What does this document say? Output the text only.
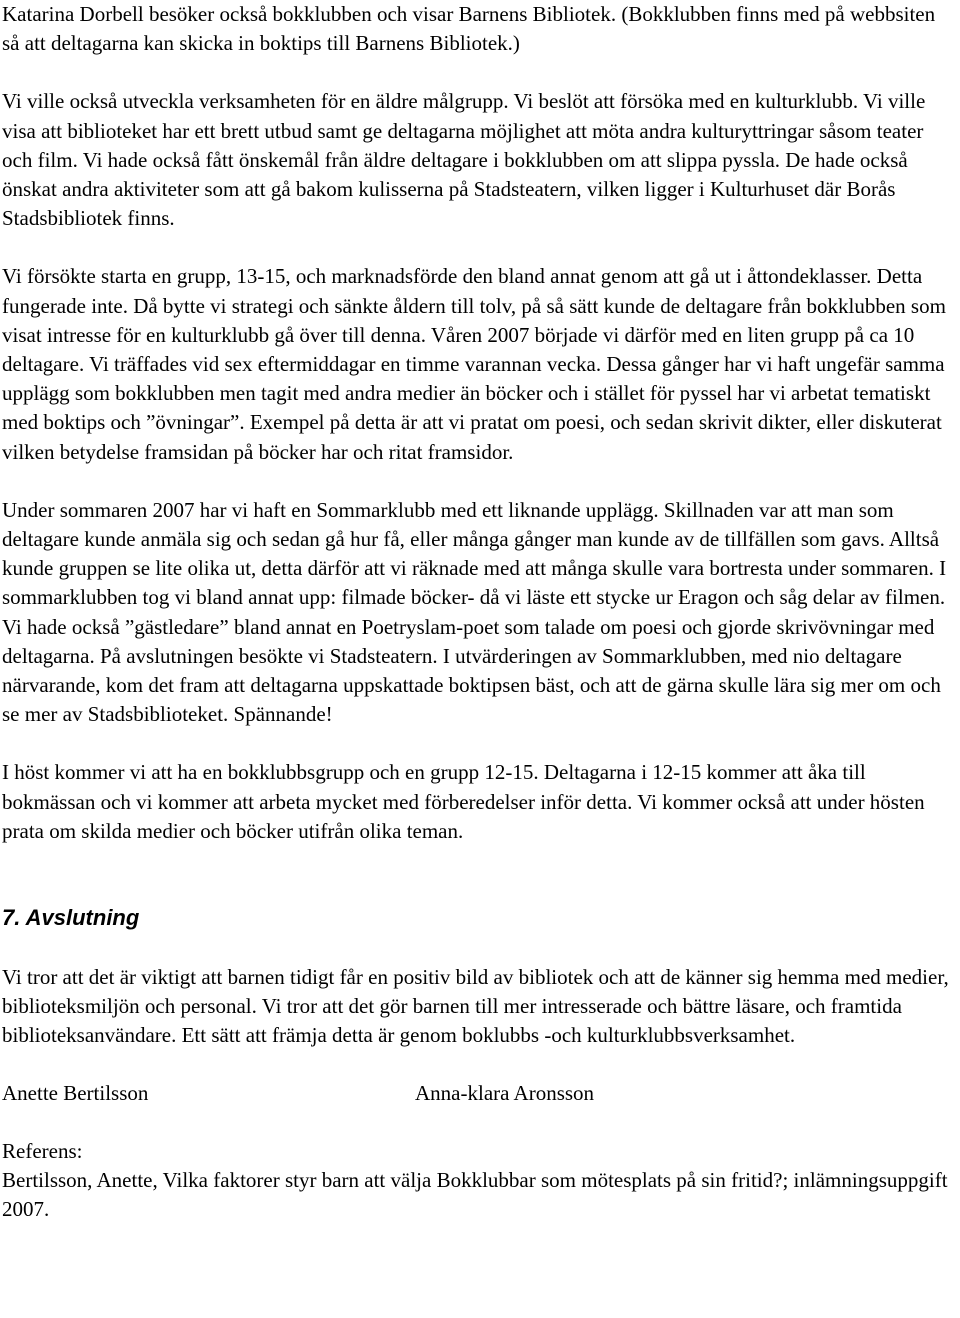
Katarina Dorbell besöker också bokklubben och visar Barnens Bibliotek. (Bokklubben finns med på webbsiten så att deltagarna kan skicka in boktips till Barnens Bibliotek.)

Vi ville också utveckla verksamheten för en äldre målgrupp. Vi beslöt att försöka med en kulturklubb. Vi ville visa att biblioteket har ett brett utbud samt ge deltagarna möjlighet att möta andra kulturyttringar såsom teater och film. Vi hade också fått önskemål från äldre deltagare i bokklubben om att slippa pyssla. De hade också önskat andra aktiviteter som att gå bakom kulisserna på Stadsteatern, vilken ligger i Kulturhuset där Borås Stadsbibliotek finns.

Vi försökte starta en grupp, 13-15, och marknadsförde den bland annat genom att gå ut i åttondeklasser. Detta fungerade inte. Då bytte vi strategi och sänkte åldern till tolv, på så sätt kunde de deltagare från bokklubben som visat intresse för en kulturklubb gå över till denna. Våren 2007 började vi därför med en liten grupp på ca 10 deltagare. Vi träffades vid sex eftermiddagar en timme varannan vecka. Dessa gånger har vi haft ungefär samma upplägg som bokklubben men tagit med andra medier än böcker och i stället för pyssel har vi arbetat tematiskt med boktips och ”övningar”. Exempel på detta är att vi pratat om poesi, och sedan skrivit dikter, eller diskuterat vilken betydelse framsidan på böcker har och ritat framsidor.

Under sommaren 2007 har vi haft en Sommarklubb med ett liknande upplägg. Skillnaden var att man som deltagare kunde anmäla sig och sedan gå hur få, eller många gånger man kunde av de tillfällen som gavs. Alltså kunde gruppen se lite olika ut, detta därför att vi räknade med att många skulle vara bortresta under sommaren. I sommarklubben tog vi bland annat upp: filmade böcker- då vi läste ett stycke ur Eragon och såg delar av filmen. Vi hade också ”gästledare” bland annat en Poetryslam-poet som talade om poesi och gjorde skrivövningar med deltagarna. På avslutningen besökte vi Stadsteatern. I utvärderingen av Sommarklubben, med nio deltagare närvarande, kom det fram att deltagarna uppskattade boktipsen bäst, och att de gärna skulle lära sig mer om och se mer av Stadsbiblioteket. Spännande!

I höst kommer vi att ha en bokklubbsgrupp och en grupp 12-15. Deltagarna i 12-15 kommer att åka till bokmässan och vi kommer att arbeta mycket med förberedelser inför detta. Vi kommer också att under hösten prata om skilda medier och böcker utifrån olika teman.

7. Avslutning

Vi tror att det är viktigt att barnen tidigt får en positiv bild av bibliotek och att de känner sig hemma med medier, biblioteksmiljön och personal. Vi tror att det gör barnen till mer intresserade och bättre läsare, och framtida biblioteksanvändare. Ett sätt att främja detta är genom boklubbs -och kulturklubbsverksamhet.

Anette Bertilsson	Anna-klara Aronsson
Referens:
Bertilsson, Anette, Vilka faktorer styr barn att välja Bokklubbar som mötesplats på sin fritid?; inlämningsuppgift 2007.
